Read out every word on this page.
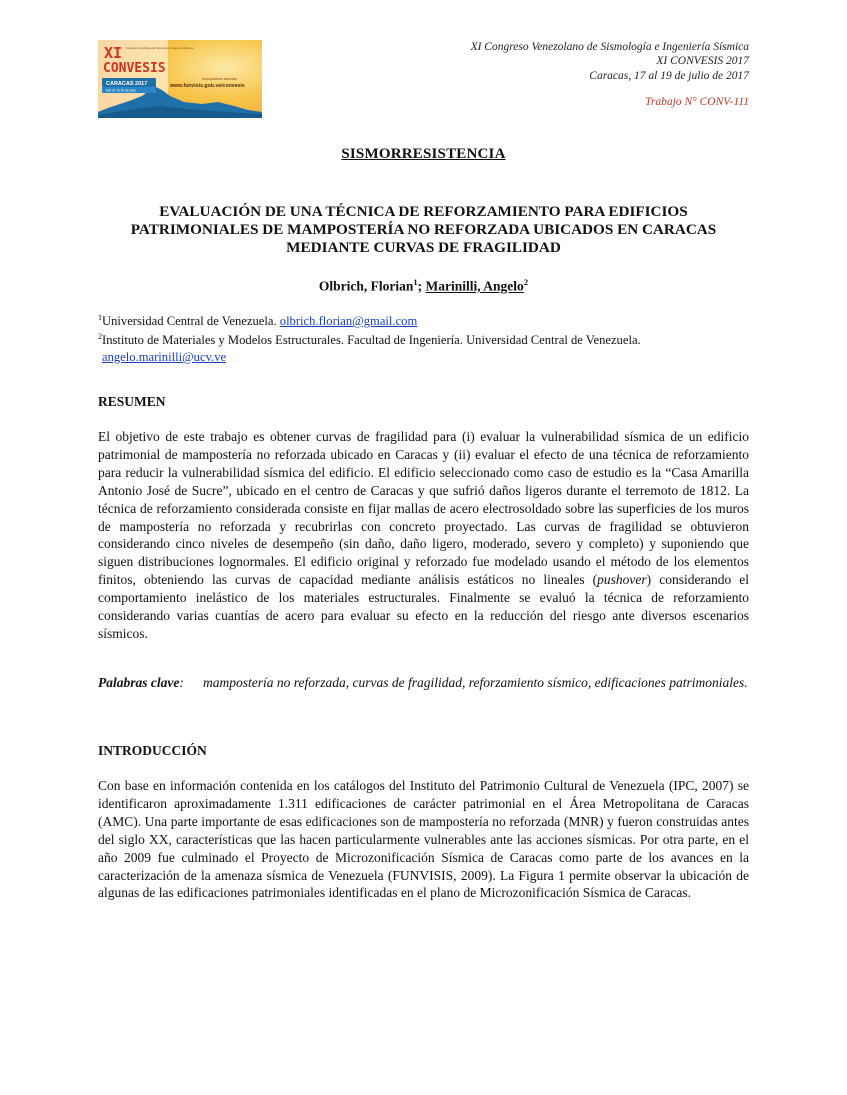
XI
CONVESIS
Congreso Venezolano de Sismología e Ingeniería Sísmica
CARACAS 2017
Del 17 al 19 de julio
Inscripciones abiertas
www.funvisis.gob.ve/convesis
XI Congreso Venezolano de Sismología e Ingeniería Sísmica
XI CONVESIS 2017
Caracas, 17 al 19 de julio de 2017
Trabajo N° CONV-111
SISMORRESISTENCIA
EVALUACIÓN DE UNA TÉCNICA DE REFORZAMIENTO PARA EDIFICIOS
PATRIMONIALES DE MAMPOSTERÍA NO REFORZADA UBICADOS EN CARACAS
MEDIANTE CURVAS DE FRAGILIDAD
Olbrich, Florian$^1$; Marinilli, Angelo$^2$
$^1$Universidad Central de Venezuela. olbrich.florian@gmail.com
$^2$Instituto de Materiales y Modelos Estructurales. Facultad de Ingeniería. Universidad Central de Venezuela.
angelo.marinilli@ucv.ve
RESUMEN
El objetivo de este trabajo es obtener curvas de fragilidad para (i) evaluar la vulnerabilidad sísmica de un edificio patrimonial de mampostería no reforzada ubicado en Caracas y (ii) evaluar el efecto de una técnica de reforzamiento para reducir la vulnerabilidad sísmica del edificio. El edificio seleccionado como caso de estudio es la “Casa Amarilla Antonio José de Sucre”, ubicado en el centro de Caracas y que sufrió daños ligeros durante el terremoto de 1812. La técnica de reforzamiento considerada consiste en fijar mallas de acero electrosoldado sobre las superficies de los muros de mampostería no reforzada y recubrirlas con concreto proyectado. Las curvas de fragilidad se obtuvieron considerando cinco niveles de desempeño (sin daño, daño ligero, moderado, severo y completo) y suponiendo que siguen distribuciones lognormales. El edificio original y reforzado fue modelado usando el método de los elementos finitos, obteniendo las curvas de capacidad mediante análisis estáticos no lineales (pushover) considerando el comportamiento inelástico de los materiales estructurales. Finalmente se evaluó la técnica de reforzamiento considerando varias cuantías de acero para evaluar su efecto en la reducción del riesgo ante diversos escenarios sísmicos.
Palabras clave: mampostería no reforzada, curvas de fragilidad, reforzamiento sísmico, edificaciones patrimoniales.
INTRODUCCIÓN
Con base en información contenida en los catálogos del Instituto del Patrimonio Cultural de Venezuela (IPC, 2007) se identificaron aproximadamente 1.311 edificaciones de carácter patrimonial en el Área Metropolitana de Caracas (AMC). Una parte importante de esas edificaciones son de mampostería no reforzada (MNR) y fueron construidas antes del siglo XX, características que las hacen particularmente vulnerables ante las acciones sísmicas. Por otra parte, en el año 2009 fue culminado el Proyecto de Microzonificación Sísmica de Caracas como parte de los avances en la caracterización de la amenaza sísmica de Venezuela (FUNVISIS, 2009). La Figura 1 permite observar la ubicación de algunas de las edificaciones patrimoniales identificadas en el plano de Microzonificación Sísmica de Caracas.
